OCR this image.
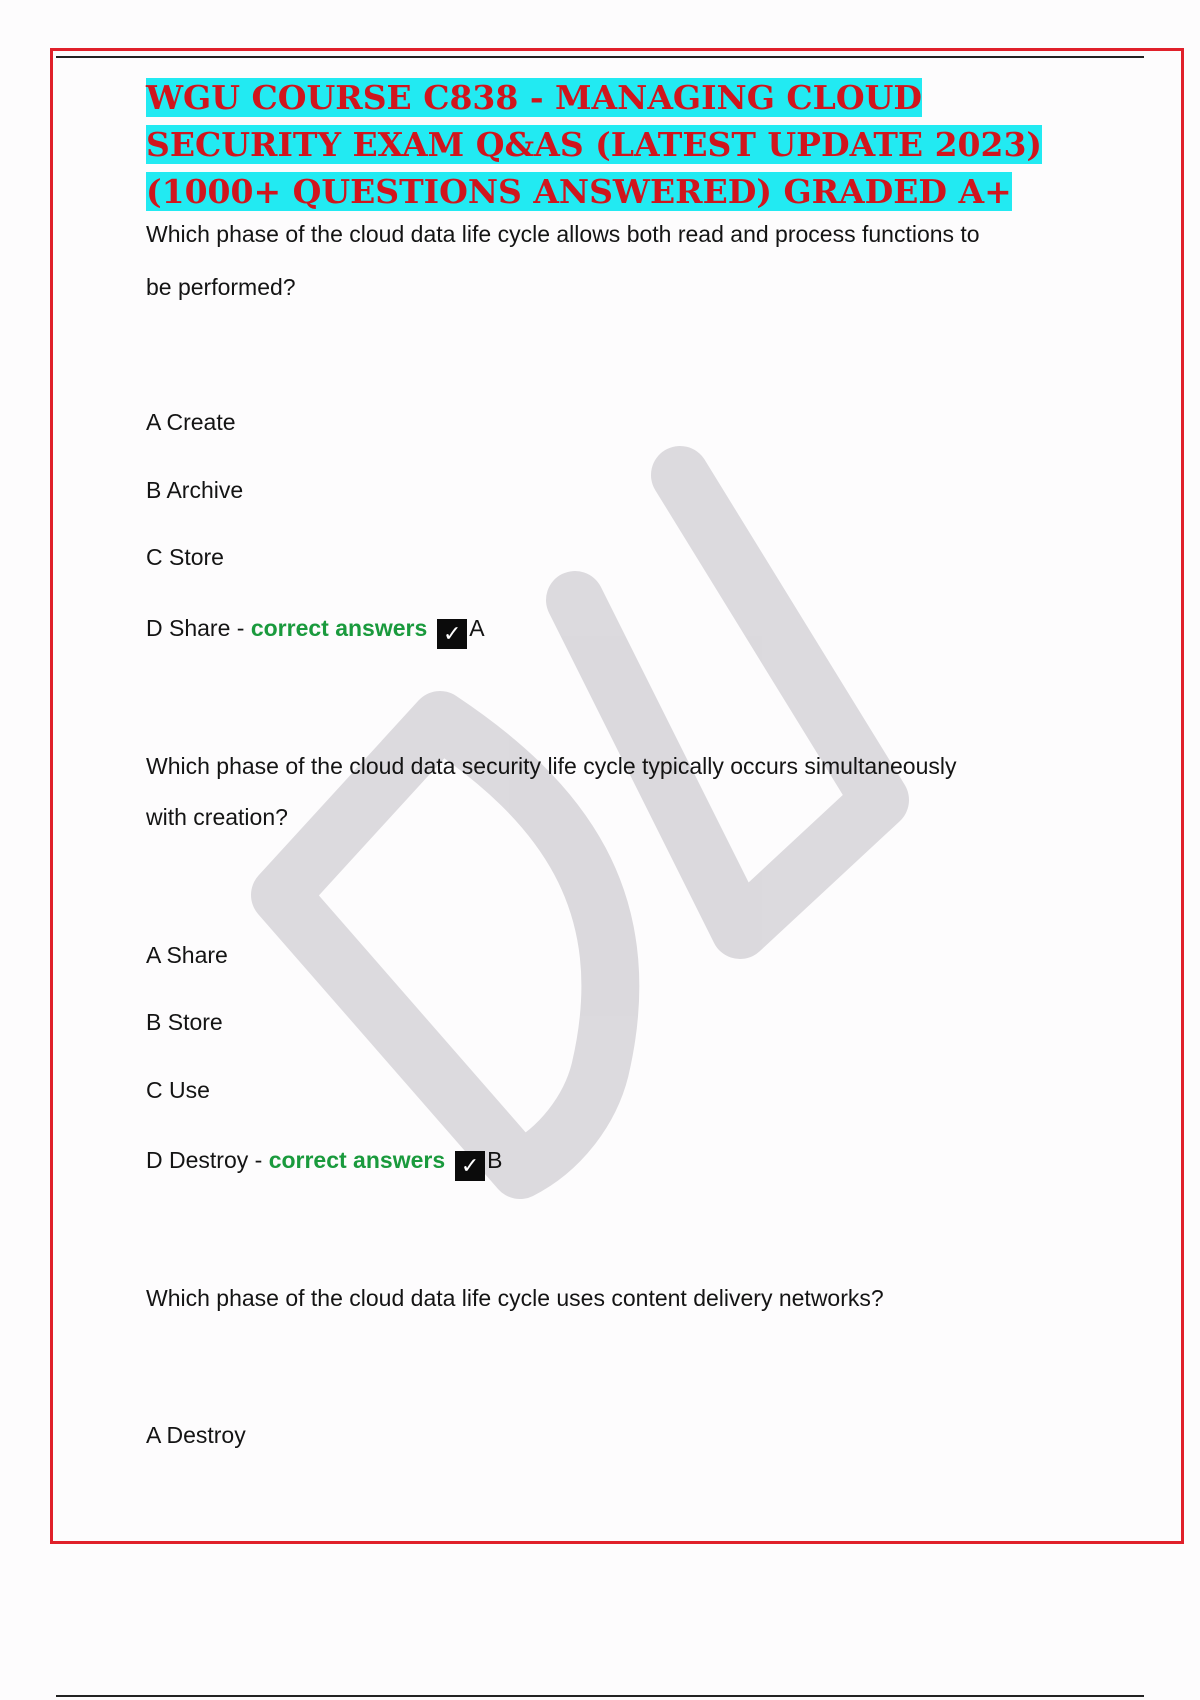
WGU COURSE C838 - MANAGING CLOUD SECURITY EXAM Q&AS (LATEST UPDATE 2023)(1000+ QUESTIONS ANSWERED) GRADED A+
Which phase of the cloud data life cycle allows both read and process functions to
be performed?
A Create
B Archive
C Store
D Share - correct answers ✓ A
Which phase of the cloud data security life cycle typically occurs simultaneously
with creation?
A Share
B Store
C Use
D Destroy - correct answers ✓ B
Which phase of the cloud data life cycle uses content delivery networks?
A Destroy
